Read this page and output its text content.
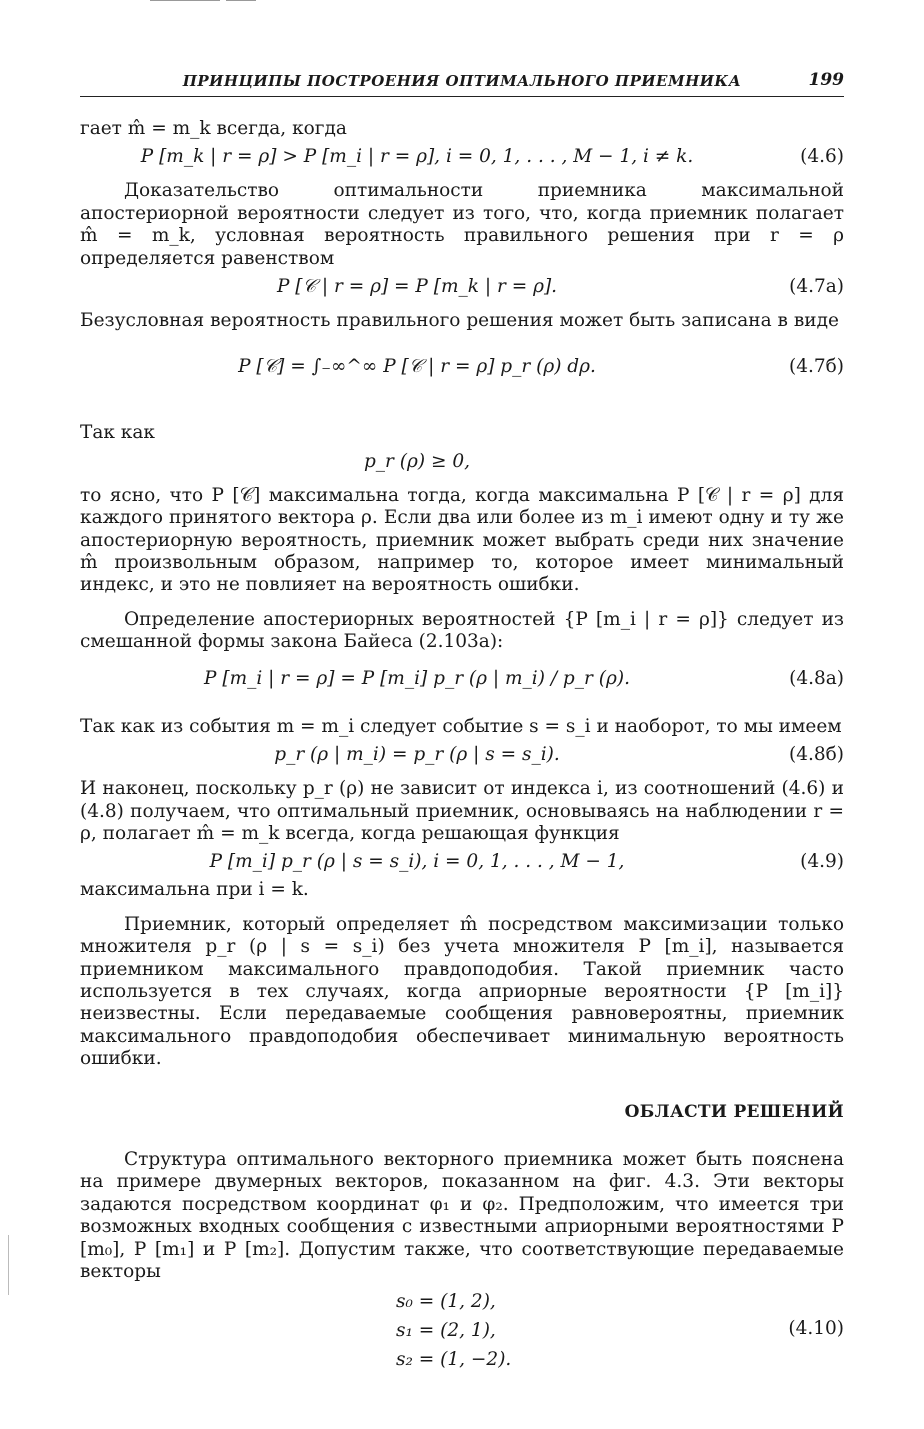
ПРИНЦИПЫ ПОСТРОЕНИЯ ОПТИМАЛЬНОГО ПРИЕМНИКА	199

гает m̂ = m_k всегда, когда

P [m_k | r = ρ] > P [m_i | r = ρ], i = 0, 1, . . . , M − 1, i ≠ k.	(4.6)

Доказательство оптимальности приемника максимальной апостериорной вероятности следует из того, что, когда приемник полагает m̂ = m_k, условная вероятность правильного решения при r = ρ определяется равенством

P [𝒞 | r = ρ] = P [m_k | r = ρ].	(4.7а)

Безусловная вероятность правильного решения может быть записана в виде

P [𝒞] = ∫₋∞^∞ P [𝒞 | r = ρ] p_r (ρ) dρ.	(4.7б)

Так как

p_r (ρ) ≥ 0,

то ясно, что P [𝒞] максимальна тогда, когда максимальна P [𝒞 | r = ρ] для каждого принятого вектора ρ. Если два или более из m_i имеют одну и ту же апостериорную вероятность, приемник может выбрать среди них значение m̂ произвольным образом, например то, которое имеет минимальный индекс, и это не повлияет на вероятность ошибки.

Определение апостериорных вероятностей {P [m_i | r = ρ]} следует из смешанной формы закона Байеса (2.103а):

P [m_i | r = ρ] = P [m_i] p_r (ρ | m_i) / p_r (ρ).	(4.8а)

Так как из события m = m_i следует событие s = s_i и наоборот, то мы имеем

p_r (ρ | m_i) = p_r (ρ | s = s_i).	(4.8б)

И наконец, поскольку p_r (ρ) не зависит от индекса i, из соотношений (4.6) и (4.8) получаем, что оптимальный приемник, основываясь на наблюдении r = ρ, полагает m̂ = m_k всегда, когда решающая функция

P [m_i] p_r (ρ | s = s_i), i = 0, 1, . . . , M − 1,	(4.9)

максимальна при i = k.

Приемник, который определяет m̂ посредством максимизации только множителя p_r (ρ | s = s_i) без учета множителя P [m_i], называется приемником максимального правдоподобия. Такой приемник часто используется в тех случаях, когда априорные вероятности {P [m_i]} неизвестны. Если передаваемые сообщения равновероятны, приемник максимального правдоподобия обеспечивает минимальную вероятность ошибки.

ОБЛАСТИ РЕШЕНИЙ

Структура оптимального векторного приемника может быть пояснена на примере двумерных векторов, показанном на фиг. 4.3. Эти векторы задаются посредством координат φ₁ и φ₂. Предположим, что имеется три возможных входных сообщения с известными априорными вероятностями P [m₀], P [m₁] и P [m₂]. Допустим также, что соответствующие передаваемые векторы

s₀ = (1, 2),
s₁ = (2, 1),
s₂ = (1, −2).
(4.10)
